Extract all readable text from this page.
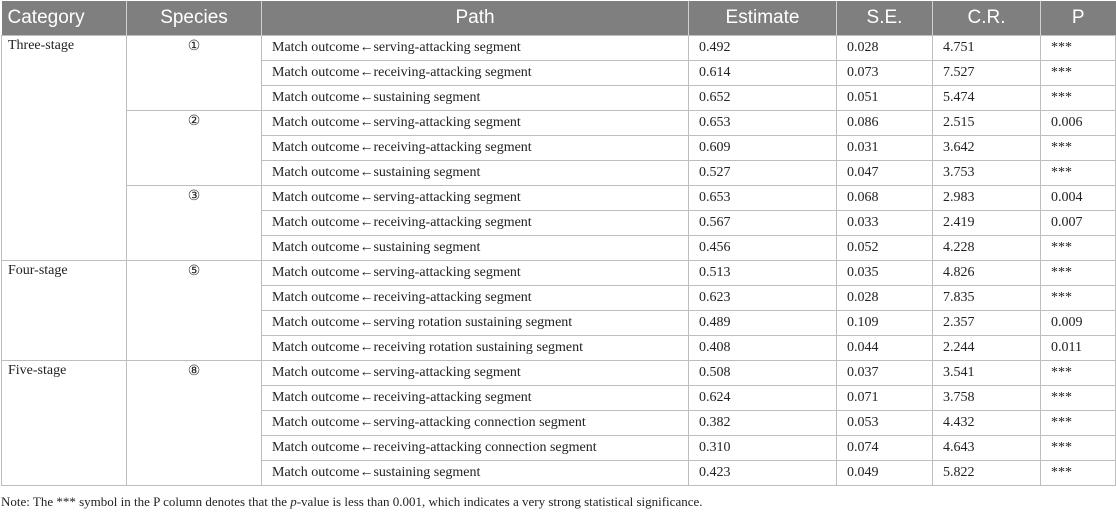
Category	Species	Path	Estimate	S.E.	C.R.	P
Three-stage	①	Match outcome←serving-attacking segment	0.492	0.028	4.751	***
		Match outcome←receiving-attacking segment	0.614	0.073	7.527	***
		Match outcome←sustaining segment	0.652	0.051	5.474	***
	②	Match outcome←serving-attacking segment	0.653	0.086	2.515	0.006
		Match outcome←receiving-attacking segment	0.609	0.031	3.642	***
		Match outcome←sustaining segment	0.527	0.047	3.753	***
	③	Match outcome←serving-attacking segment	0.653	0.068	2.983	0.004
		Match outcome←receiving-attacking segment	0.567	0.033	2.419	0.007
		Match outcome←sustaining segment	0.456	0.052	4.228	***
Four-stage	⑤	Match outcome←serving-attacking segment	0.513	0.035	4.826	***
		Match outcome←receiving-attacking segment	0.623	0.028	7.835	***
		Match outcome←serving rotation sustaining segment	0.489	0.109	2.357	0.009
		Match outcome←receiving rotation sustaining segment	0.408	0.044	2.244	0.011
Five-stage	⑧	Match outcome←serving-attacking segment	0.508	0.037	3.541	***
		Match outcome←receiving-attacking segment	0.624	0.071	3.758	***
		Match outcome←serving-attacking connection segment	0.382	0.053	4.432	***
		Match outcome←receiving-attacking connection segment	0.310	0.074	4.643	***
		Match outcome←sustaining segment	0.423	0.049	5.822	***
Note: The *** symbol in the P column denotes that the p-value is less than 0.001, which indicates a very strong statistical significance.
